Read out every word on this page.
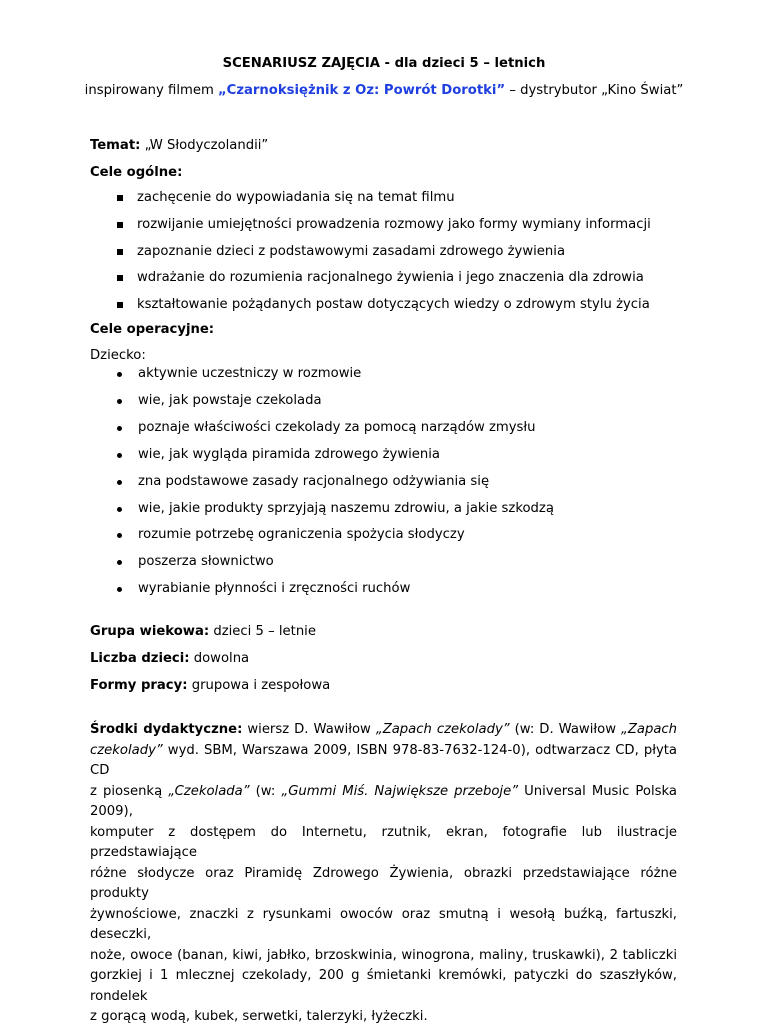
SCENARIUSZ ZAJĘCIA - dla dzieci 5 – letnich
inspirowany filmem „Czarnoksiężnik z Oz: Powrót Dorotki” – dystrybutor „Kino Świat”
Temat: „W Słodyczolandii”
Cele ogólne:
zachęcenie do wypowiadania się na temat filmu
rozwijanie umiejętności prowadzenia rozmowy jako formy wymiany informacji
zapoznanie dzieci z podstawowymi zasadami zdrowego żywienia
wdrażanie do rozumienia racjonalnego żywienia i jego znaczenia dla zdrowia
kształtowanie pożądanych postaw dotyczących wiedzy o zdrowym stylu życia
Cele operacyjne:
Dziecko:
aktywnie uczestniczy w rozmowie
wie, jak powstaje czekolada
poznaje właściwości czekolady za pomocą narządów zmysłu
wie, jak wygląda piramida zdrowego żywienia
zna podstawowe zasady racjonalnego odżywiania się
wie, jakie produkty sprzyjają naszemu zdrowiu, a jakie szkodzą
rozumie potrzebę ograniczenia spożycia słodyczy
poszerza słownictwo
wyrabianie płynności i zręczności ruchów
Grupa wiekowa: dzieci 5 – letnie
Liczba dzieci: dowolna
Formy pracy: grupowa i zespołowa
Środki dydaktyczne: wiersz D. Wawiłow „Zapach czekolady” (w: D. Wawiłow „Zapach
czekolady” wyd. SBM, Warszawa 2009, ISBN 978-83-7632-124-0), odtwarzacz CD, płyta CD
z piosenką „Czekolada” (w: „Gummi Miś. Największe przeboje” Universal Music Polska 2009),
komputer z dostępem do Internetu, rzutnik, ekran, fotografie lub ilustracje przedstawiające
różne słodycze oraz Piramidę Zdrowego Żywienia, obrazki przedstawiające różne produkty
żywnościowe, znaczki z rysunkami owoców oraz smutną i wesołą buźką, fartuszki, deseczki,
noże, owoce (banan, kiwi, jabłko, brzoskwinia, winogrona, maliny, truskawki), 2 tabliczki
gorzkiej i 1 mlecznej czekolady, 200 g śmietanki kremówki, patyczki do szaszłyków, rondelek
z gorącą wodą, kubek, serwetki, talerzyki, łyżeczki.
